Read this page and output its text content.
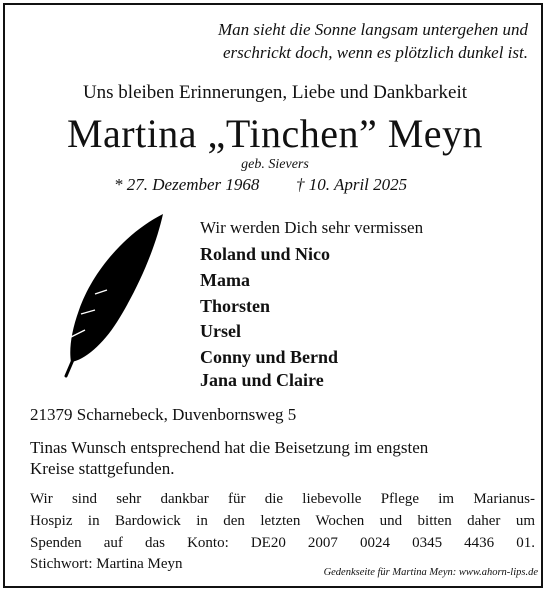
Man sieht die Sonne langsam untergehen und
erschrickt doch, wenn es plötzlich dunkel ist.
Uns bleiben Erinnerungen, Liebe und Dankbarkeit
Martina „Tinchen” Meyn
geb. Sievers
* 27. Dezember 1968 † 10. April 2025
Wir werden Dich sehr vermissen
Roland und Nico
Mama
Thorsten
Ursel
Conny und Bernd
Jana und Claire
21379 Scharnebeck, Duvenbornsweg 5
Tinas Wunsch entsprechend hat die Beisetzung im engsten
Kreise stattgefunden.
Wir sind sehr dankbar für die liebevolle Pflege im Marianus-
Hospiz in Bardowick in den letzten Wochen und bitten daher um
Spenden auf das Konto: DE20 2007 0024 0345 4436 01.
Stichwort: Martina Meyn
Gedenkseite für Martina Meyn: www.ahorn-lips.de
